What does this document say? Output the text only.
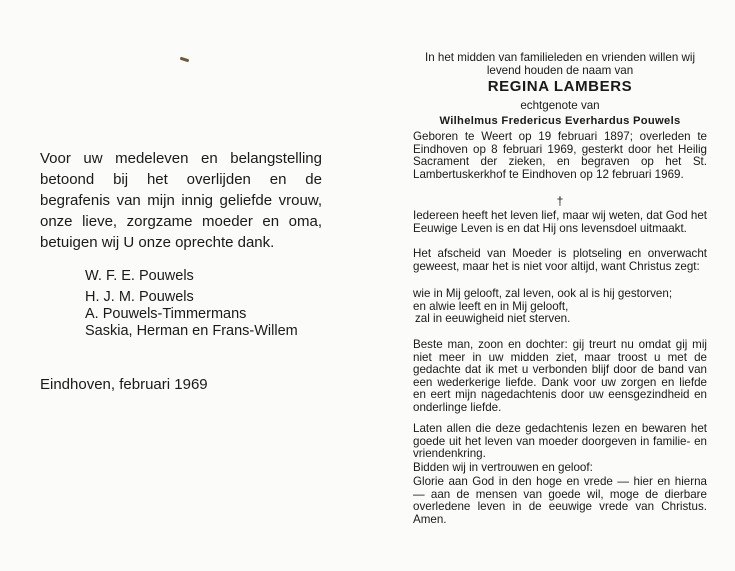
Voor uw medeleven en belangstelling betoond bij het overlijden en de begrafenis van mijn innig geliefde vrouw, onze lieve, zorgzame moeder en oma, betuigen wij U onze oprechte dank.

W. F. E. Pouwels
H. J. M. Pouwels
A. Pouwels-Timmermans
Saskia, Herman en Frans-Willem
Eindhoven, februari 1969

In het midden van familieleden en vrienden willen wij levend houden de naam van

REGINA LAMBERS

echtgenote van

Wilhelmus Fredericus Everhardus Pouwels

Geboren te Weert op 19 februari 1897; overleden te Eindhoven op 8 februari 1969, gesterkt door het Heilig Sacrament der zieken, en begraven op het St. Lambertuskerkhof te Eindhoven op 12 februari 1969.

†

Iedereen heeft het leven lief, maar wij weten, dat God het Eeuwige Leven is en dat Hij ons levensdoel uitmaakt.

Het afscheid van Moeder is plotseling en onverwacht geweest, maar het is niet voor altijd, want Christus zegt:

wie in Mij gelooft, zal leven, ook al is hij gestorven;

en alwie leeft en in Mij gelooft,

zal in eeuwigheid niet sterven.

Beste man, zoon en dochter: gij treurt nu omdat gij mij niet meer in uw midden ziet, maar troost u met de gedachte dat ik met u verbonden blijf door de band van een wederkerige liefde. Dank voor uw zorgen en liefde en eert mijn nagedachtenis door uw eensgezindheid en onderlinge liefde.

Laten allen die deze gedachtenis lezen en bewaren het goede uit het leven van moeder doorgeven in familie- en vriendenkring.

Bidden wij in vertrouwen en geloof:

Glorie aan God in den hoge en vrede — hier en hierna — aan de mensen van goede wil, moge de dierbare overledene leven in de eeuwige vrede van Christus. Amen.
